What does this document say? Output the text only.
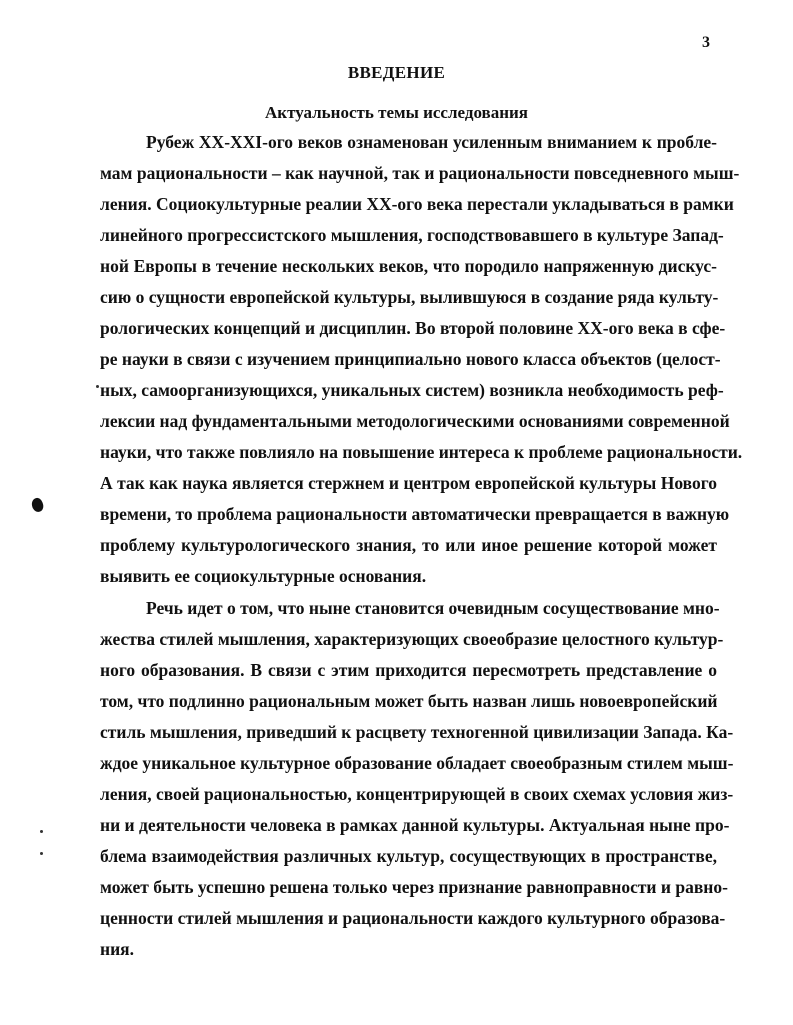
3
ВВЕДЕНИЕ
Актуальность темы исследования
Рубеж ХХ-XXI-ого веков ознаменован усиленным вниманием к пробле-
мам рациональности – как научной, так и рациональности повседневного мыш-
ления. Социокультурные реалии ХХ-ого века перестали укладываться в рамки
линейного прогрессистского мышления, господствовавшего в культуре Запад-
ной Европы в течение нескольких веков, что породило напряженную дискус-
сию о сущности европейской культуры, вылившуюся в создание ряда культу-
рологических концепций и дисциплин. Во второй половине ХХ-ого века в сфе-
ре науки в связи с изучением принципиально нового класса объектов (целост-
ных, самоорганизующихся, уникальных систем) возникла необходимость реф-
лексии над фундаментальными методологическими основаниями современной
науки, что также повлияло на повышение интереса к проблеме рациональности.
А так как наука является стержнем и центром европейской культуры Нового
времени, то проблема рациональности автоматически превращается в важную
проблему культурологического знания, то или иное решение которой может
выявить ее социокультурные основания.
Речь идет о том, что ныне становится очевидным сосуществование мно-
жества стилей мышления, характеризующих своеобразие целостного культур-
ного образования. В связи с этим приходится пересмотреть представление о
том, что подлинно рациональным может быть назван лишь новоевропейский
стиль мышления, приведший к расцвету техногенной цивилизации Запада. Ка-
ждое уникальное культурное образование обладает своеобразным стилем мыш-
ления, своей рациональностью, концентрирующей в своих схемах условия жиз-
ни и деятельности человека в рамках данной культуры. Актуальная ныне про-
блема взаимодействия различных культур, сосуществующих в пространстве,
может быть успешно решена только через признание равноправности и равно-
ценности стилей мышления и рациональности каждого культурного образова-
ния.
